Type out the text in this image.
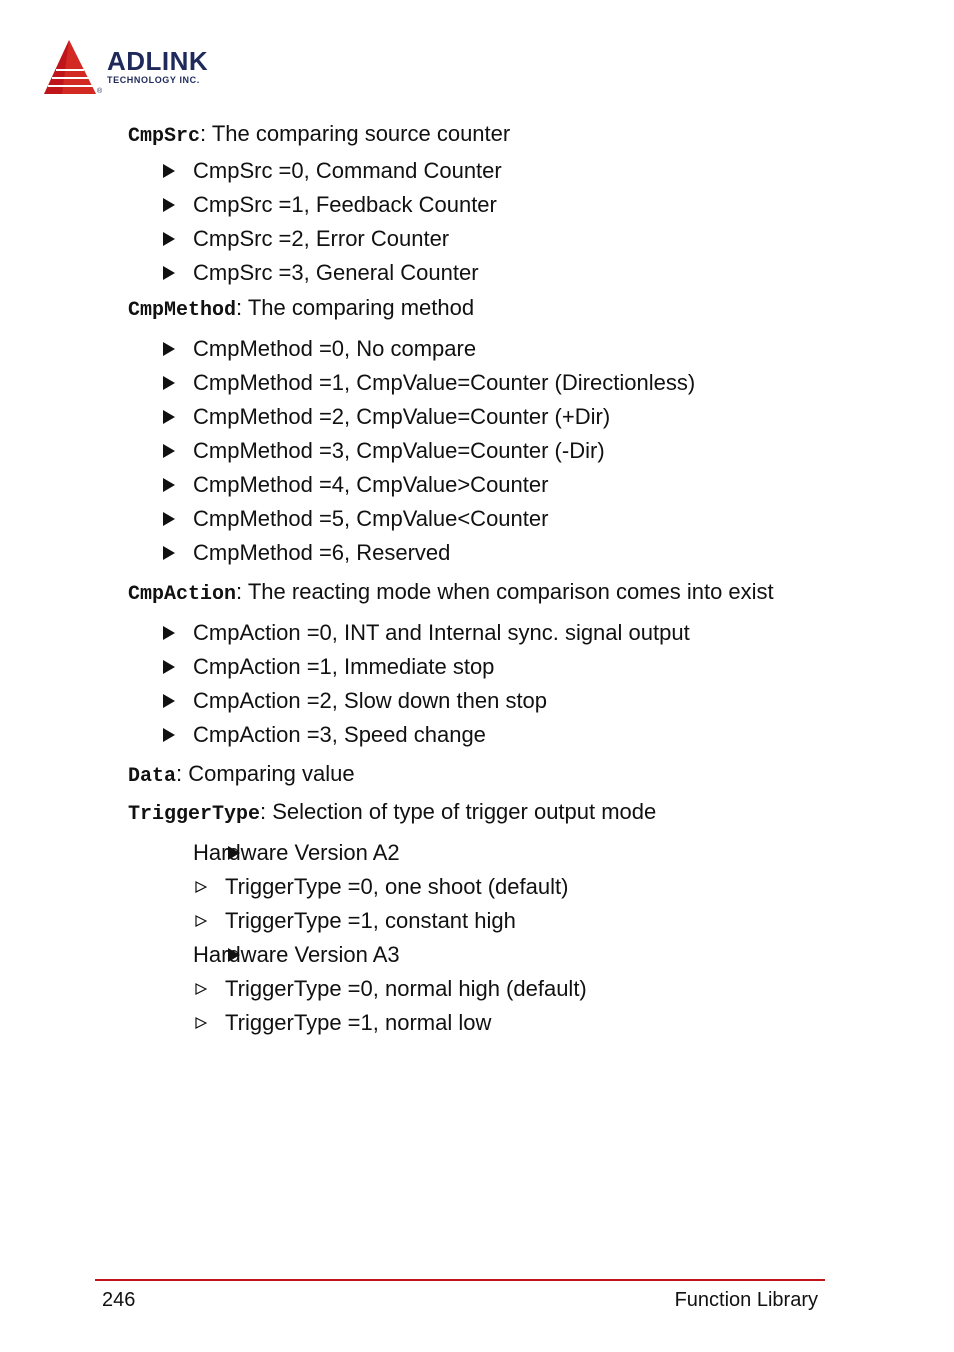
®
ADLINK
TECHNOLOGY INC.

CmpSrc: The comparing source counter

CmpSrc =0, Command Counter
CmpSrc =1, Feedback Counter
CmpSrc =2, Error Counter
CmpSrc =3, General Counter

CmpMethod: The comparing method

CmpMethod =0, No compare
CmpMethod =1, CmpValue=Counter (Directionless)
CmpMethod =2, CmpValue=Counter (+Dir)
CmpMethod =3, CmpValue=Counter (-Dir)
CmpMethod =4, CmpValue>Counter
CmpMethod =5, CmpValue<Counter
CmpMethod =6, Reserved

CmpAction: The reacting mode when comparison comes into exist

CmpAction =0, INT and Internal sync. signal output
CmpAction =1, Immediate stop
CmpAction =2, Slow down then stop
CmpAction =3, Speed change

Data: Comparing value

TriggerType: Selection of type of trigger output mode

Hardware Version A2
TriggerType =0, one shoot (default)
TriggerType =1, constant high
Hardware Version A3
TriggerType =0, normal high (default)
TriggerType =1, normal low
246	Function Library
